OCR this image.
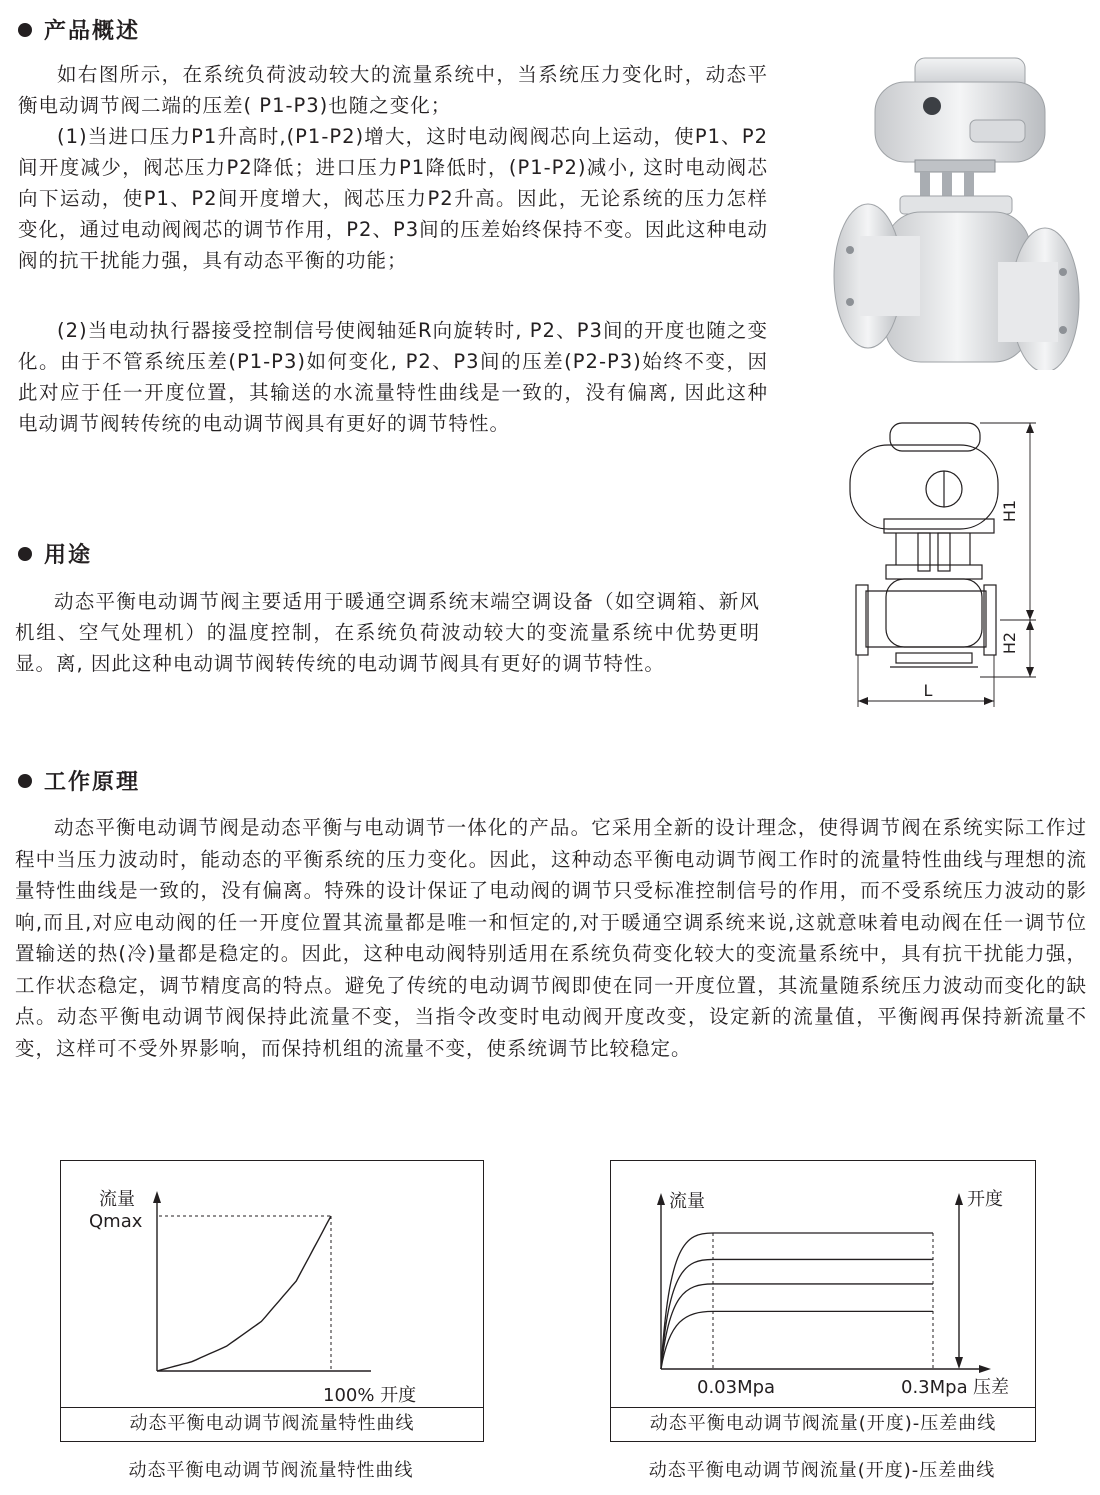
产品概述

如右图所示，在系统负荷波动较大的流量系统中，当系统压力变化时，动态平衡电动调节阀二端的压差( P1-P3)也随之变化；

(1)当进口压力P1升高时,(P1-P2)增大，这时电动阀阀芯向上运动，使P1、P2间开度减少，阀芯压力P2降低；进口压力P1降低时，(P1-P2)减小, 这时电动阀芯向下运动，使P1、P2间开度增大，阀芯压力P2升高。因此，无论系统的压力怎样变化，通过电动阀阀芯的调节作用，P2、P3间的压差始终保持不变。因此这种电动阀的抗干扰能力强，具有动态平衡的功能；

(2)当电动执行器接受控制信号使阀轴延R向旋转时, P2、P3间的开度也随之变化。由于不管系统压差(P1-P3)如何变化, P2、P3间的压差(P2-P3)始终不变，因此对应于任一开度位置，其输送的水流量特性曲线是一致的，没有偏离, 因此这种电动调节阀转传统的电动调节阀具有更好的调节特性。

H1
H2
L
用途

动态平衡电动调节阀主要适用于暖通空调系统末端空调设备（如空调箱、新风机组、空气处理机）的温度控制，在系统负荷波动较大的变流量系统中优势更明显。离, 因此这种电动调节阀转传统的电动调节阀具有更好的调节特性。

工作原理

动态平衡电动调节阀是动态平衡与电动调节一体化的产品。它采用全新的设计理念，使得调节阀在系统实际工作过程中当压力波动时，能动态的平衡系统的压力变化。因此，这种动态平衡电动调节阀工作时的流量特性曲线与理想的流量特性曲线是一致的，没有偏离。特殊的设计保证了电动阀的调节只受标准控制信号的作用，而不受系统压力波动的影响,而且,对应电动阀的任一开度位置其流量都是唯一和恒定的,对于暖通空调系统来说,这就意味着电动阀在任一调节位置输送的热(冷)量都是稳定的。因此，这种电动阀特别适用在系统负荷变化较大的变流量系统中，具有抗干扰能力强，工作状态稳定，调节精度高的特点。避免了传统的电动调节阀即使在同一开度位置，其流量随系统压力波动而变化的缺点。动态平衡电动调节阀保持此流量不变，当指令改变时电动阀开度改变，设定新的流量值，平衡阀再保持新流量不变，这样可不受外界影响，而保持机组的流量不变，使系统调节比较稳定。

流量
Qmax
100% 开度
动态平衡电动调节阀流量特性曲线
动态平衡电动调节阀流量特性曲线
流量	开度
0.03Mpa	0.3Mpa 压差
动态平衡电动调节阀流量(开度)-压差曲线
动态平衡电动调节阀流量(开度)-压差曲线
